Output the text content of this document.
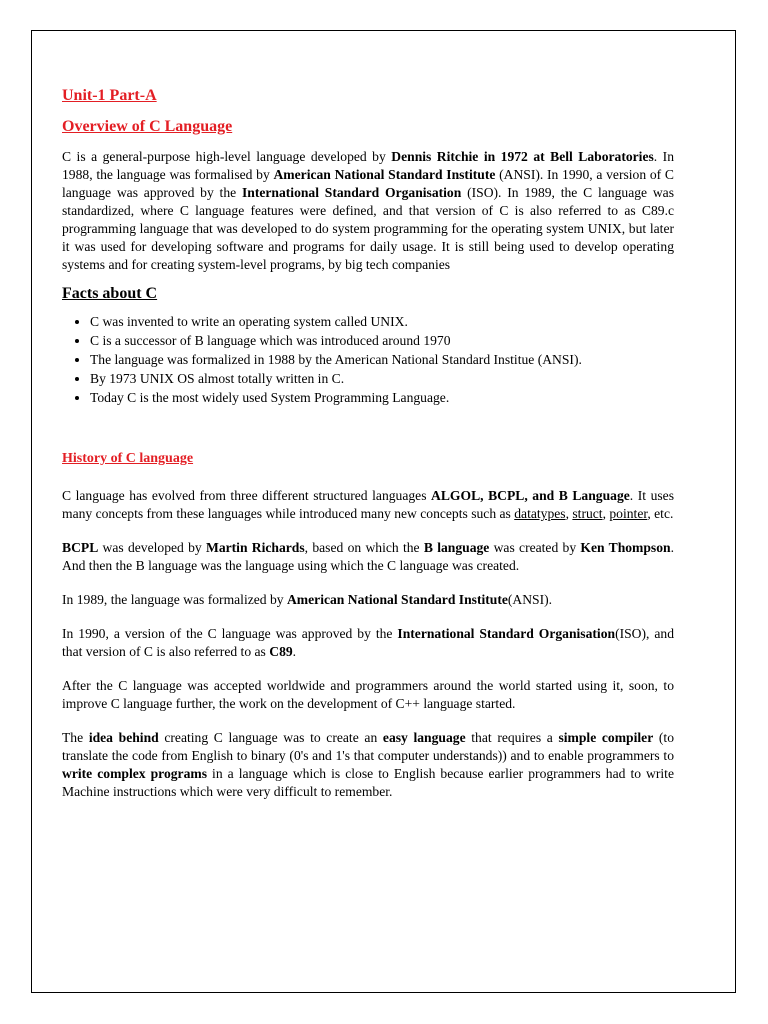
Unit-1 Part-A
Overview of C Language

C is a general-purpose high-level language developed by Dennis Ritchie in 1972 at Bell Laboratories. In 1988, the language was formalised by American National Standard Institute (ANSI). In 1990, a version of C language was approved by the International Standard Organisation (ISO). In 1989, the C language was standardized, where C language features were defined, and that version of C is also referred to as C89.c programming language that was developed to do system programming for the operating system UNIX, but later it was used for developing software and programs for daily usage. It is still being used to develop operating systems and for creating system-level programs, by big tech companies

Facts about C
• C was invented to write an operating system called UNIX.
• C is a successor of B language which was introduced around 1970
• The language was formalized in 1988 by the American National Standard Institue (ANSI).
• By 1973 UNIX OS almost totally written in C.
• Today C is the most widely used System Programming Language.
History of C language

C language has evolved from three different structured languages ALGOL, BCPL, and B Language. It uses many concepts from these languages while introduced many new concepts such as datatypes, struct, pointer, etc.

BCPL was developed by Martin Richards, based on which the B language was created by Ken Thompson. And then the B language was the language using which the C language was created.

In 1989, the language was formalized by American National Standard Institute(ANSI).

In 1990, a version of the C language was approved by the International Standard Organisation(ISO), and that version of C is also referred to as C89.

After the C language was accepted worldwide and programmers around the world started using it, soon, to improve C language further, the work on the development of C++ language started.

The idea behind creating C language was to create an easy language that requires a simple compiler (to translate the code from English to binary (0's and 1's that computer understands)) and to enable programmers to write complex programs in a language which is close to English because earlier programmers had to write Machine instructions which were very difficult to remember.
